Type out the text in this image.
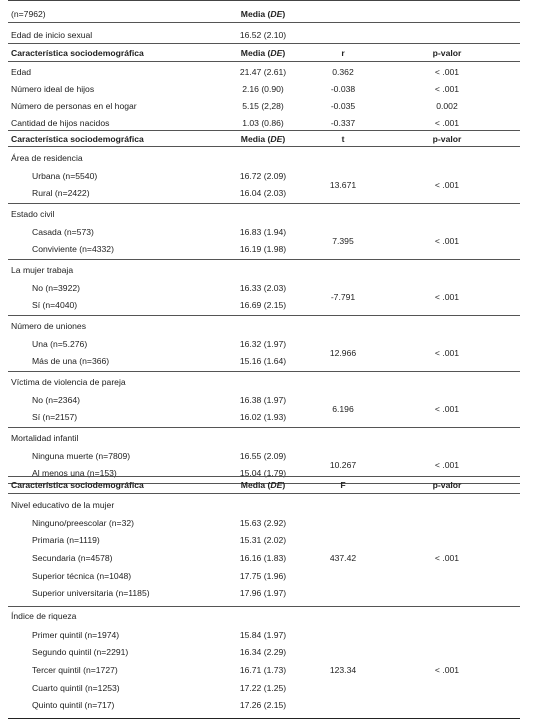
(n=7962)	Media ( DE )
Edad de inicio sexual	16.52 (2.10)
Característica sociodemográfica	Media ( DE )	r	p-valor
Edad	21.47 (2.61)	0.362	< .001
Número ideal de hijos	2.16 (0.90)	-0.038	< .001
Número de personas en el hogar	5.15 (2,28)	-0.035	0.002
Cantidad de hijos nacidos	1.03 (0.86)	-0.337	< .001
Característica sociodemográfica	Media ( DE )	t	p-valor
Área de residencia
Urbana (n=5540)	16.72 (2.09)
Rural (n=2422)	16.04 (2.03)
13.671	< .001
Estado civil
Casada (n=573)	16.83 (1.94)
Conviviente (n=4332)	16.19 (1.98)
7.395	< .001
La mujer trabaja
No (n=3922)	16.33 (2.03)
Sí (n=4040)	16.69 (2.15)
-7.791	< .001
Número de uniones
Una (n=5.276)	16.32 (1.97)
Más de una (n=366)	15.16 (1.64)
12.966	< .001
Víctima de violencia de pareja
No (n=2364)	16.38 (1.97)
Sí (n=2157)	16.02 (1.93)
6.196	< .001
Mortalidad infantil
Ninguna muerte (n=7809)	16.55 (2.09)
Al menos una (n=153)	15.04 (1.79)
10.267	< .001
Característica sociodemográfica	Media ( DE )	F	p-valor
Nivel educativo de la mujer
Ninguno/preescolar (n=32)	15.63 (2.92)
Primaria (n=1119)	15.31 (2.02)
Secundaria (n=4578)	16.16 (1.83)
Superior técnica (n=1048)	17.75 (1.96)
Superior universitaria (n=1185)	17.96 (1.97)
437.42	< .001
Índice de riqueza
Primer quintil (n=1974)	15.84 (1.97)
Segundo quintil (n=2291)	16.34 (2.29)
Tercer quintil (n=1727)	16.71 (1.73)
Cuarto quintil (n=1253)	17.22 (1.25)
Quinto quintil (n=717)	17.26 (2.15)
123.34	< .001
